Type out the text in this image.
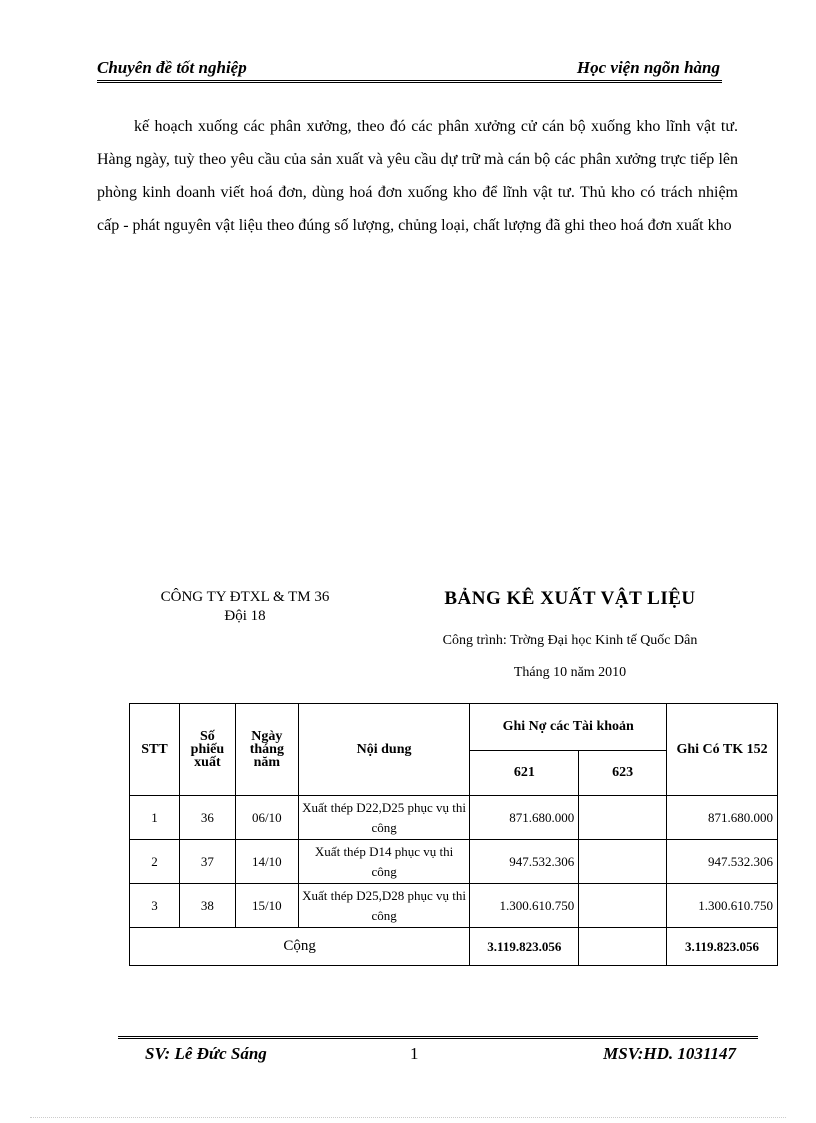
Chuyên đề tốt nghiệp	Học viện ngõn hàng
kế hoạch xuống các phân xưởng, theo đó các phân xưởng cử cán bộ xuống kho lĩnh vật tư. Hàng ngày, tuỳ theo yêu cầu của sản xuất và yêu cầu dự trữ mà cán bộ các phân xưởng trực tiếp lên phòng kinh doanh viết hoá đơn, dùng hoá đơn xuống kho để lĩnh vật tư. Thủ kho có trách nhiệm cấp - phát nguyên vật liệu theo đúng số lượng, chủng loại, chất lượng đã ghi theo hoá đơn xuất kho
CÔNG TY ĐTXL & TM 36
Đội 18
BẢNG KÊ XUẤT VẬT LIỆU
Công trình: Trờng Đại học Kinh tế Quốc Dân
Tháng 10 năm 2010
STT	Số phiếu xuất	Ngày tháng năm	Nội dung	Ghi Nợ các Tài khoản		Ghi Có TK 152
				621	623	
1	36	06/10	Xuất thép D22,D25 phục vụ thi công	871.680.000		871.680.000
2	37	14/10	Xuất thép D14 phục vụ thi công	947.532.306		947.532.306
3	38	15/10	Xuất thép D25,D28 phục vụ thi công	1.300.610.750		1.300.610.750
Cộng				3.119.823.056		3.119.823.056
SV: Lê Đức Sáng	1	MSV:HD. 1031147
